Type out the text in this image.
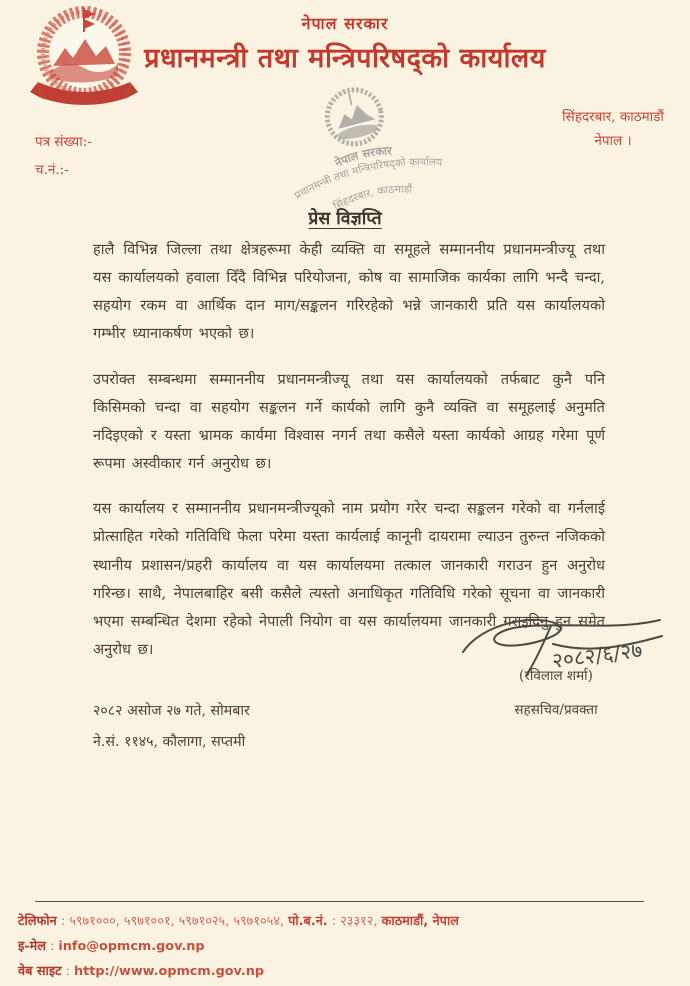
नेपाल सरकार
प्रधानमन्त्री तथा मन्त्रिपरिषद्को कार्यालय
नेपाल सरकार
प्रधानमन्त्री तथा मन्त्रिपरिषद्को कार्यालय
सिंहदरबार, काठमाडौं
सिंहदरबार, काठमाडौं
नेपाल ।
पत्र संख्या:-
च.नं.:-
प्रेस विज्ञप्ति

हालै विभिन्न जिल्ला तथा क्षेत्रहरूमा केही व्यक्ति वा समूहले सम्माननीय प्रधानमन्त्रीज्यू तथा यस कार्यालयको हवाला दिँदै विभिन्न परियोजना, कोष वा सामाजिक कार्यका लागि भन्दै चन्दा, सहयोग रकम वा आर्थिक दान माग/सङ्कलन गरिरहेको भन्ने जानकारी प्रति यस कार्यालयको गम्भीर ध्यानाकर्षण भएको छ।

उपरोक्त सम्बन्धमा सम्माननीय प्रधानमन्त्रीज्यू तथा यस कार्यालयको तर्फबाट कुनै पनि किसिमको चन्दा वा सहयोग सङ्कलन गर्ने कार्यको लागि कुनै व्यक्ति वा समूहलाई अनुमति नदिइएको र यस्ता भ्रामक कार्यमा विश्वास नगर्न तथा कसैले यस्ता कार्यको आग्रह गरेमा पूर्ण रूपमा अस्वीकार गर्न अनुरोध छ।

यस कार्यालय र सम्माननीय प्रधानमन्त्रीज्यूको नाम प्रयोग गरेर चन्दा सङ्कलन गरेको वा गर्नलाई प्रोत्साहित गरेको गतिविधि फेला परेमा यस्ता कार्यलाई कानूनी दायरामा ल्याउन तुरुन्त नजिकको स्थानीय प्रशासन/प्रहरी कार्यालय वा यस कार्यालयमा तत्काल जानकारी गराउन हुन अनुरोध गरिन्छ। साथै, नेपालबाहिर बसी कसैले त्यस्तो अनाधिकृत गतिविधि गरेको सूचना वा जानकारी भएमा सम्बन्धित देशमा रहेको नेपाली नियोग वा यस कार्यालयमा जानकारी गराइदिनु हुन समेत अनुरोध छ।	२०८२/६/२७
(रविलाल शर्मा)
सहसचिव/प्रवक्ता
२०८२ असोज २७ गते, सोमबार
ने.सं. ११४५, कौलागा, सप्तमी
टेलिफोन : ५९७१०००, ५९७१००१, ५९७१०२५, ५९७१०५४, पो.ब.नं. : २३३१२, काठमाडौं, नेपाल
इ-मेल : info@opmcm.gov.np
वेब साइट : http://www.opmcm.gov.np
